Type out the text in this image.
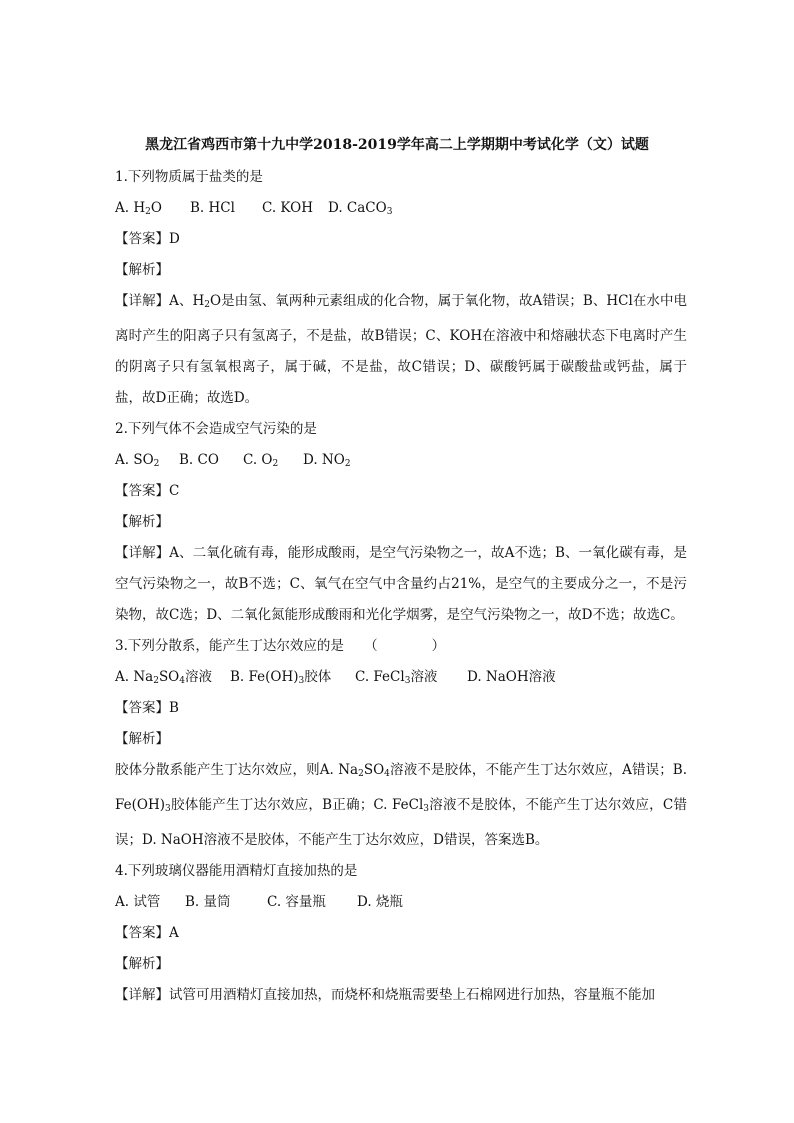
黑龙江省鸡西市第十九中学2018-2019学年高二上学期期中考试化学（文）试题
1.下列物质属于盐类的是
A. H2O	B. HCl	C. KOH	D. CaCO3
【答案】D
【解析】
【详解】A、$H_2O$是由氢、氧两种元素组成的化合物，属于氧化物，故A错误；B、HCl在水中电离时产生的阳离子只有氢离子，不是盐，故B错误；C、KOH在溶液中和熔融状态下电离时产生的阴离子只有氢氧根离子，属于碱，不是盐，故C错误；D、碳酸钙属于碳酸盐或钙盐，属于盐，故D正确；故选D。
2.下列气体不会造成空气污染的是
A. SO2	B. CO	C. O2	D. NO2
【答案】C
【解析】
【详解】A、二氧化硫有毒，能形成酸雨，是空气污染物之一，故A不选；B、一氧化碳有毒，是空气污染物之一，故B不选；C、氧气在空气中含量约占21%，是空气的主要成分之一，不是污染物，故C选；D、二氧化氮能形成酸雨和光化学烟雾，是空气污染物之一，故D不选；故选C。
3.下列分散系，能产生丁达尔效应的是　　（　　　　）
A. Na2SO4溶液	B. Fe(OH)3胶体	C. FeCl3溶液	D. NaOH溶液
【答案】B
【解析】
胶体分散系能产生丁达尔效应，则A. $Na_2SO_4$溶液不是胶体，不能产生丁达尔效应，A错误；B. $Fe(OH)_3$胶体能产生丁达尔效应，B正确；C. FeCl$_3$溶液不是胶体，不能产生丁达尔效应，C错误；D. NaOH溶液不是胶体，不能产生丁达尔效应，D错误，答案选B。
4.下列玻璃仪器能用酒精灯直接加热的是
A. 试管	B. 量筒	C. 容量瓶	D. 烧瓶
【答案】A
【解析】
【详解】试管可用酒精灯直接加热，而烧杯和烧瓶需要垫上石棉网进行加热，容量瓶不能加
